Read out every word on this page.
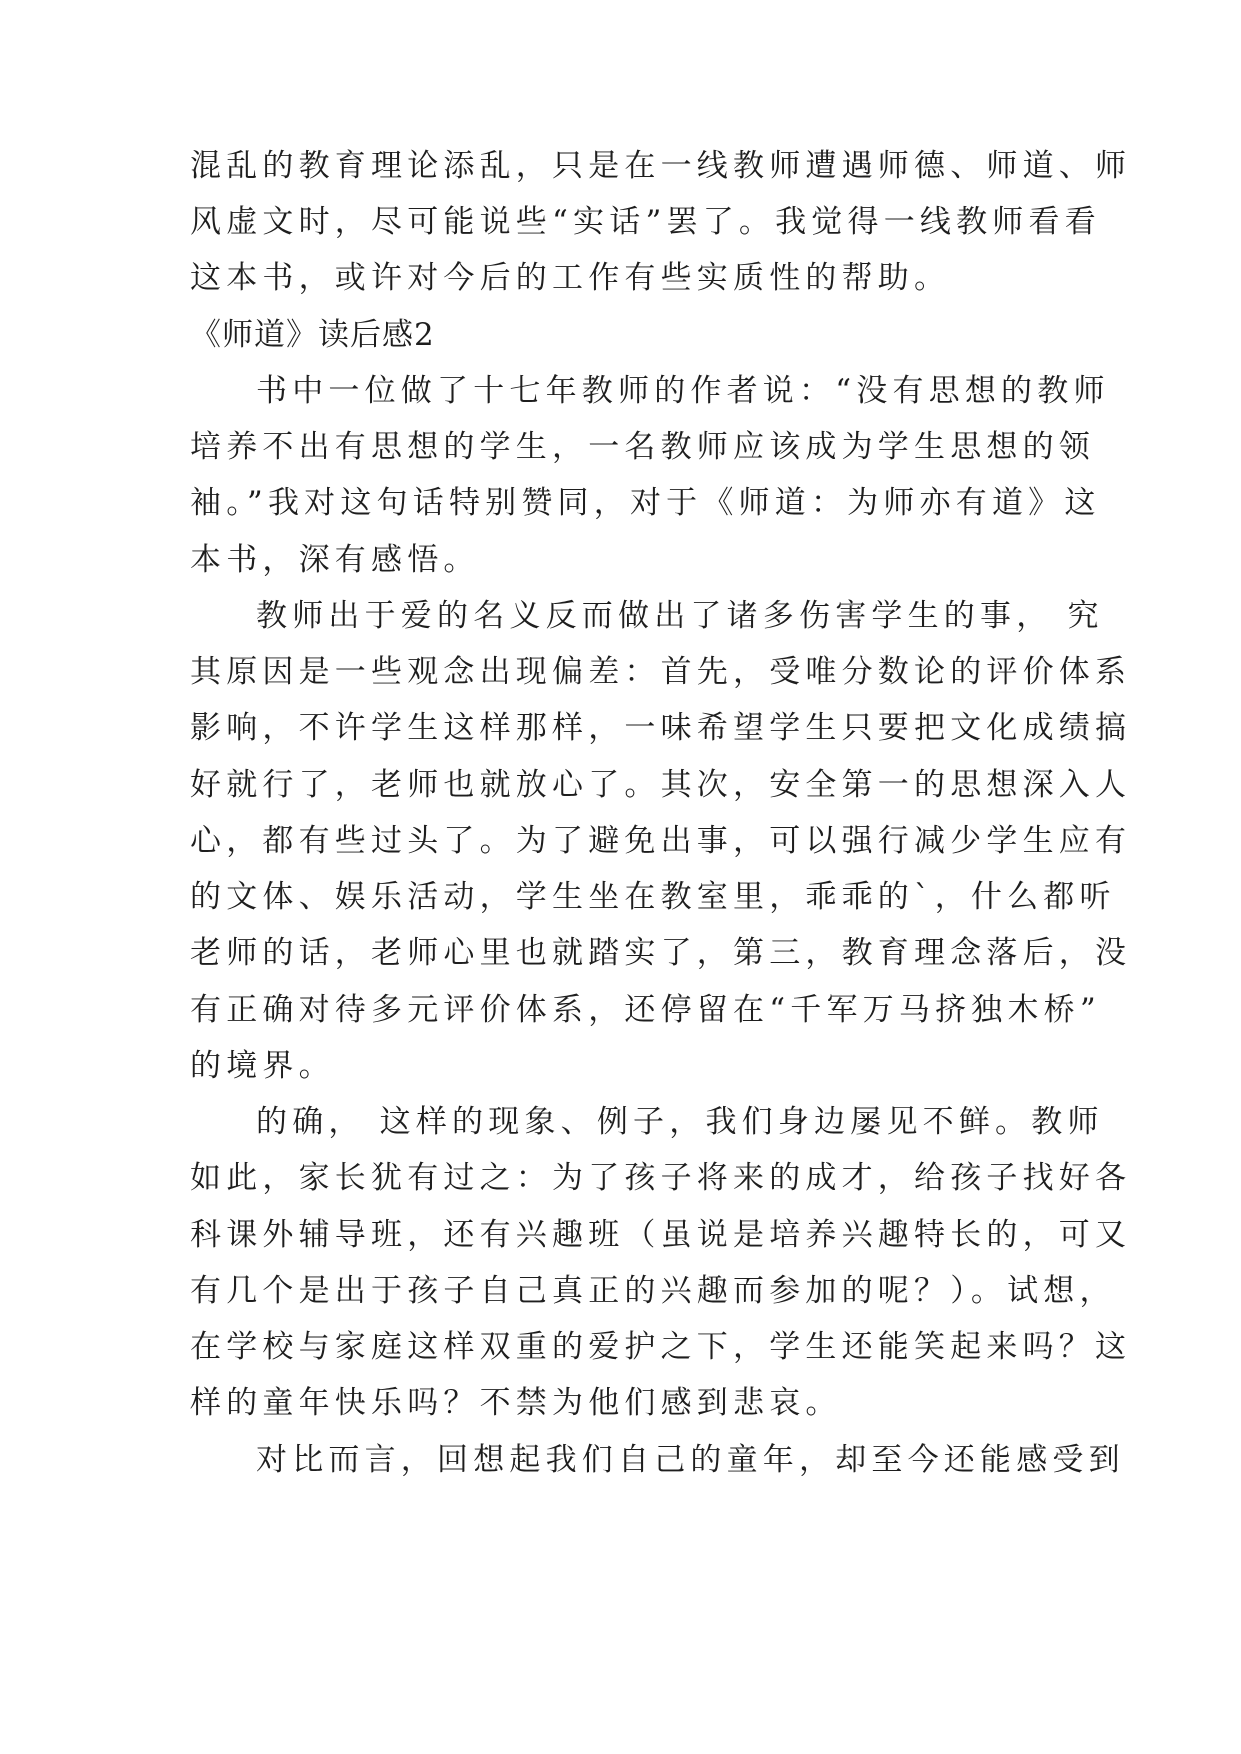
混乱的教育理论添乱，只是在一线教师遭遇师德、师道、师

风虚文时，尽可能说些“实话”罢了。我觉得一线教师看看

这本书，或许对今后的工作有些实质性的帮助。

《师道》读后感2

书中一位做了十七年教师的作者说：“没有思想的教师

培养不出有思想的学生，一名教师应该成为学生思想的领

袖。”我对这句话特别赞同，对于《师道：为师亦有道》这

本书，深有感悟。

教师出于爱的名义反而做出了诸多伤害学生的事， 究

其原因是一些观念出现偏差：首先，受唯分数论的评价体系

影响，不许学生这样那样，一味希望学生只要把文化成绩搞

好就行了，老师也就放心了。其次，安全第一的思想深入人

心，都有些过头了。为了避免出事，可以强行减少学生应有

的文体、娱乐活动，学生坐在教室里，乖乖的`，什么都听

老师的话，老师心里也就踏实了，第三，教育理念落后，没

有正确对待多元评价体系，还停留在“千军万马挤独木桥”

的境界。

的确， 这样的现象、例子，我们身边屡见不鲜。教师

如此，家长犹有过之：为了孩子将来的成才，给孩子找好各

科课外辅导班，还有兴趣班（虽说是培养兴趣特长的，可又

有几个是出于孩子自己真正的兴趣而参加的呢？）。试想，

在学校与家庭这样双重的爱护之下，学生还能笑起来吗？这

样的童年快乐吗？不禁为他们感到悲哀。

对比而言，回想起我们自己的童年，却至今还能感受到
